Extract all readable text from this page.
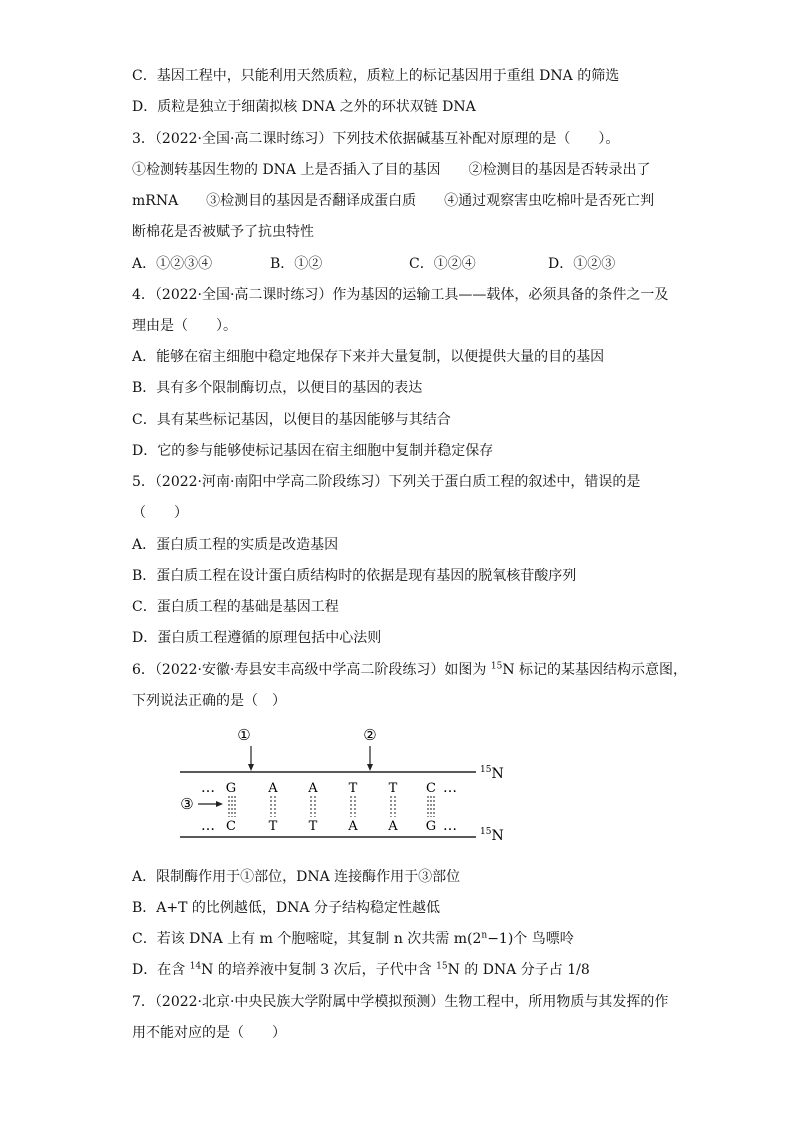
C．基因工程中，只能利用天然质粒，质粒上的标记基因用于重组 DNA 的筛选
D．质粒是独立于细菌拟核 DNA 之外的环状双链 DNA
3．（2022·全国·高二课时练习）下列技术依据碱基互补配对原理的是（　　）。
①检测转基因生物的 DNA 上是否插入了目的基因　　②检测目的基因是否转录出了
mRNA　　③检测目的基因是否翻译成蛋白质　　④通过观察害虫吃棉叶是否死亡判
断棉花是否被赋予了抗虫特性
A．①②③④	B．①②	C．①②④	D．①②③
4．（2022·全国·高二课时练习）作为基因的运输工具——载体，必须具备的条件之一及
理由是（　　）。
A．能够在宿主细胞中稳定地保存下来并大量复制，以便提供大量的目的基因
B．具有多个限制酶切点，以便目的基因的表达
C．具有某些标记基因，以便目的基因能够与其结合
D．它的参与能够使标记基因在宿主细胞中复制并稳定保存
5．（2022·河南·南阳中学高二阶段练习）下列关于蛋白质工程的叙述中，错误的是
（　　）
A．蛋白质工程的实质是改造基因
B．蛋白质工程在设计蛋白质结构时的依据是现有基因的脱氧核苷酸序列
C．蛋白质工程的基础是基因工程
D．蛋白质工程遵循的原理包括中心法则
6．（2022·安徽·寿县安丰高级中学高二阶段练习）如图为 $^{15}$N 标记的某基因结构示意图，
下列说法正确的是（　）
①	②
… G A A T T C …
… C	T T A A G …
③
$^{15}$N
$^{15}$N
A．限制酶作用于①部位，DNA 连接酶作用于③部位
B．A+T 的比例越低，DNA 分子结构稳定性越低
C．若该 DNA 上有 m 个胞嘧啶，其复制 n 次共需 $m(2^n-1)$个 鸟嘌呤
D．在含 $^{14}$N 的培养液中复制 3 次后，子代中含 $^{15}$N 的 DNA 分子占 1/8
7．（2022·北京·中央民族大学附属中学模拟预测）生物工程中，所用物质与其发挥的作
用不能对应的是（　　）
